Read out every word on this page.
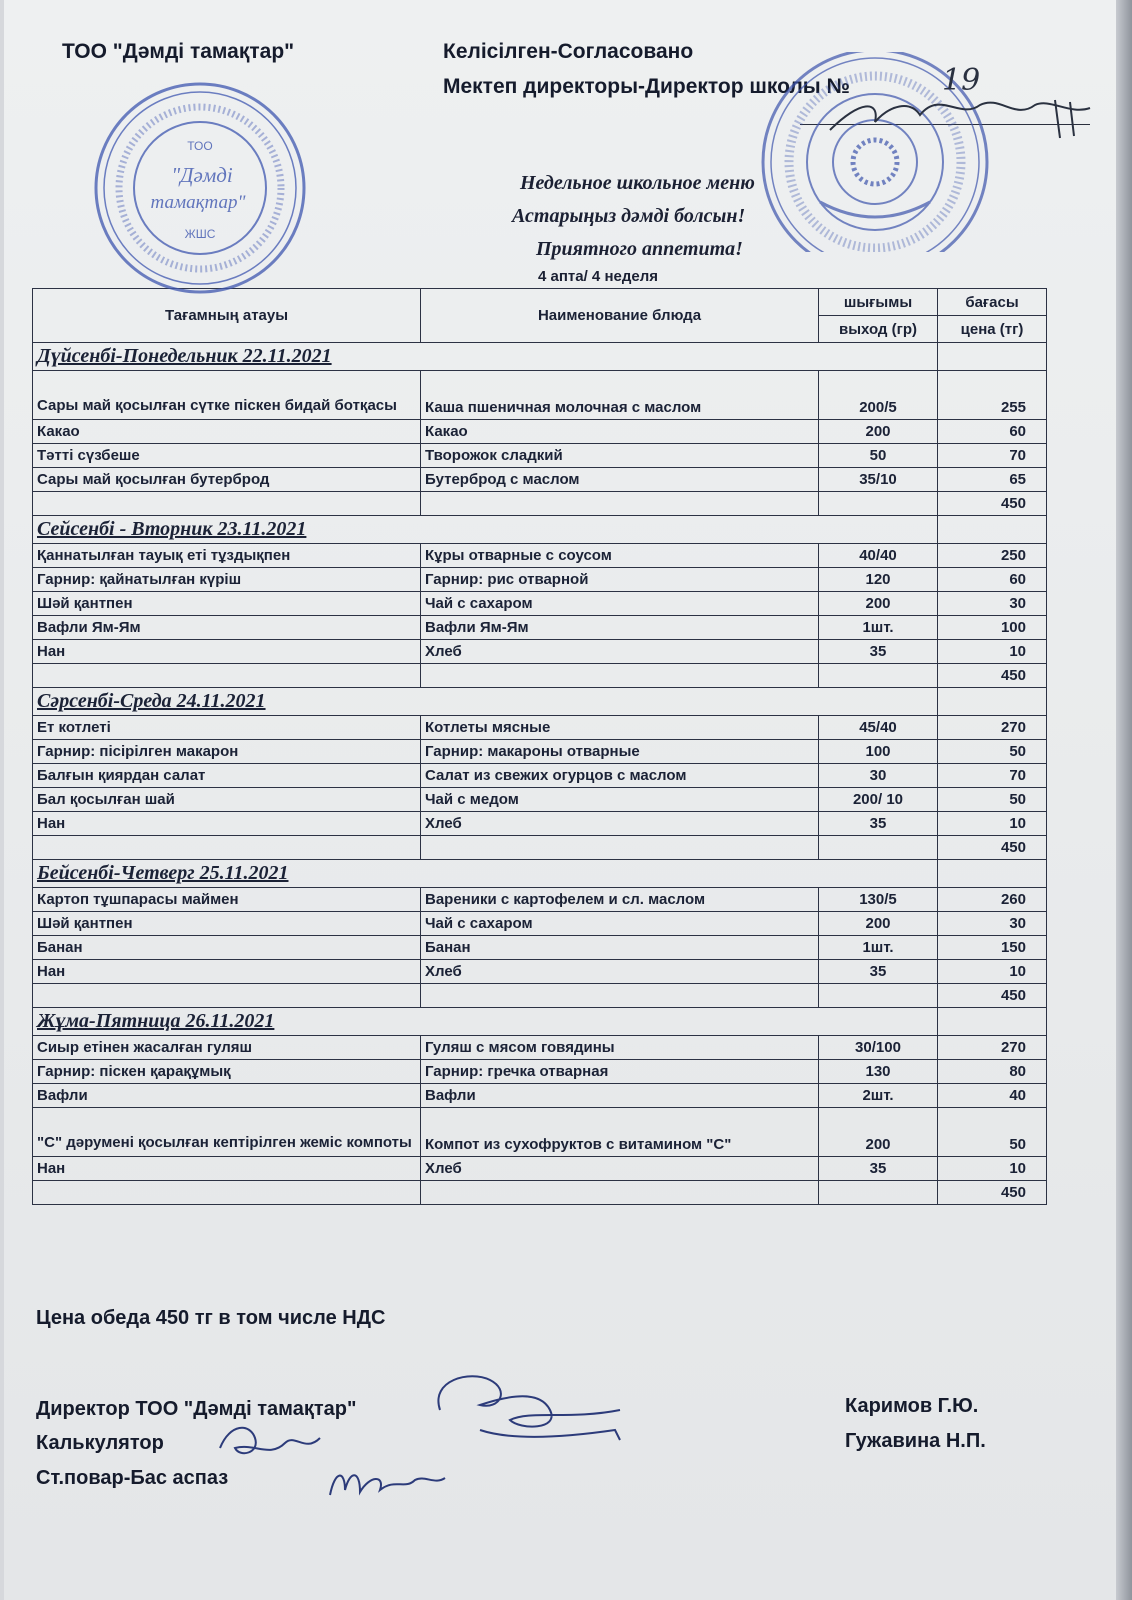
ТОО "Дәмді тамақтар"	Келісілген-Согласовано
Мектеп директоры-Директор школы №
Недельное школьное меню
Астарыңыз дәмді болсын!
Приятного аппетита!
4 апта/ 4 неделя
Тағамның атауы	Наименование блюда	шығымы	бағасы
		выход (гр)	цена (тг)
Дүйсенбі-Понедельник 22.11.2021			
Сары май қосылған сүтке піскен бидай ботқасы	Каша пшеничная молочная с маслом	200/5	255
Какао	Какао	200	60
Тәтті сүзбеше	Творожок сладкий	50	70
Сары май қосылған бутерброд	Бутерброд с маслом	35/10	65
			450
Сейсенбі - Вторник 23.11.2021			
Қаннатылған тауық еті тұздықпен	Кұры отварные с соусом	40/40	250
Гарнир: қайнатылған күріш	Гарнир: рис отварной	120	60
Шәй қантпен	Чай с сахаром	200	30
Вафли Ям-Ям	Вафли Ям-Ям	1шт.	100
Нан	Хлеб	35	10
			450
Сәрсенбі-Среда 24.11.2021			
Ет котлеті	Котлеты мясные	45/40	270
Гарнир: пісірілген макарон	Гарнир: макароны отварные	100	50
Балғын қиярдан салат	Салат из свежих огурцов с маслом	30	70
Бал қосылған шай	Чай с медом	200/ 10	50
Нан	Хлеб	35	10
			450
Бейсенбі-Четверг 25.11.2021			
Картоп тұшпарасы маймен	Вареники с картофелем и сл. маслом	130/5	260
Шәй қантпен	Чай с сахаром	200	30
Банан	Банан	1шт.	150
Нан	Хлеб	35	10
			450
Жұма-Пятница 26.11.2021			
Сиыр етінен жасалған гуляш	Гуляш с мясом говядины	30/100	270
Гарнир: піскен қарақұмық	Гарнир: гречка отварная	130	80
Вафли	Вафли	2шт.	40
"С" дәрумені қосылған кептірілген жеміс компоты	Компот из сухофруктов с витамином "С"	200	50
Нан	Хлеб	35	10
			450
Цена обеда 450 тг в том числе НДС
Директор ТОО "Дәмді тамақтар"	Каримов Г.Ю.
Калькулятор	Гужавина Н.П.
Ст.повар-Бас аспаз
ТОО
"Дәмді
тамақтар"
ЖШС
19
